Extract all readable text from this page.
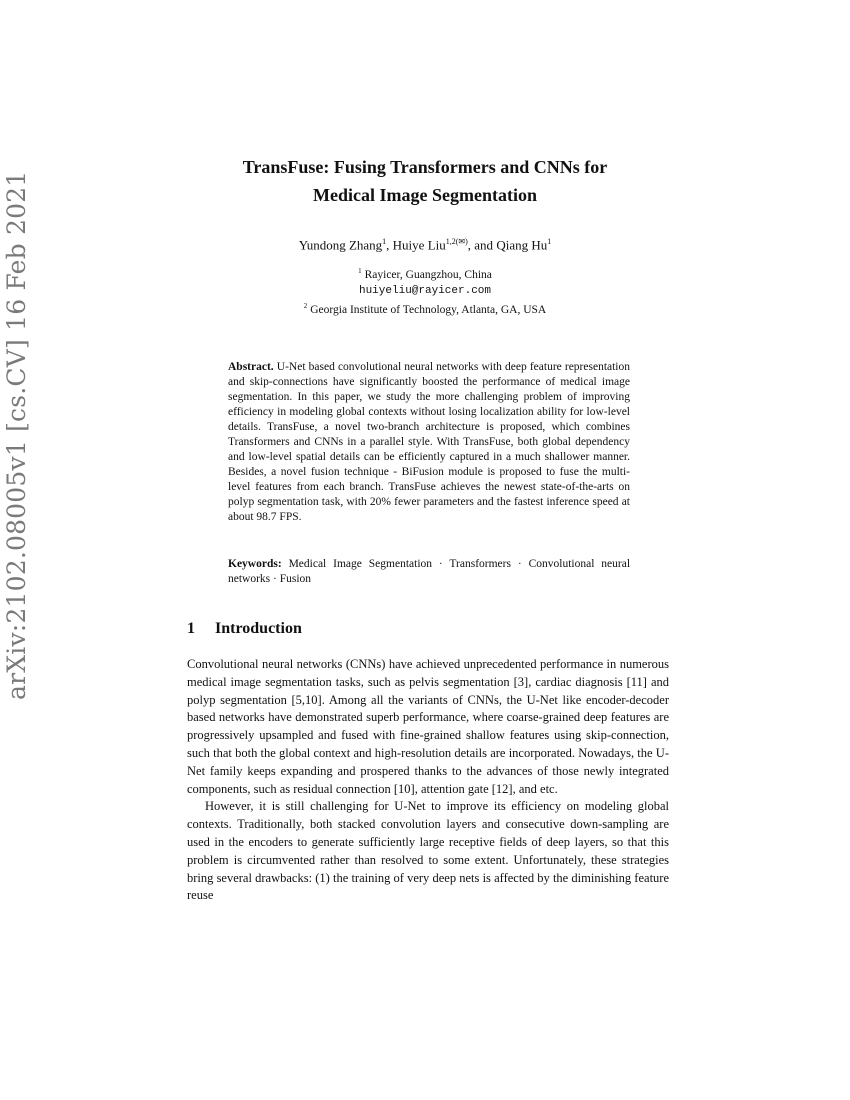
arXiv:2102.08005v1 [cs.CV] 16 Feb 2021
TransFuse: Fusing Transformers and CNNs for
Medical Image Segmentation
Yundong Zhang$^1$, Huiye Liu$^{1,2(✉)}$, and Qiang Hu$^1$
$^1$ Rayicer, Guangzhou, China
huiyeliu@rayicer.com
$^2$ Georgia Institute of Technology, Atlanta, GA, USA
Abstract. U-Net based convolutional neural networks with deep feature representation and skip-connections have significantly boosted the performance of medical image segmentation. In this paper, we study the more challenging problem of improving efficiency in modeling global contexts without losing localization ability for low-level details. TransFuse, a novel two-branch architecture is proposed, which combines Transformers and CNNs in a parallel style. With TransFuse, both global dependency and low-level spatial details can be efficiently captured in a much shallower manner. Besides, a novel fusion technique - BiFusion module is proposed to fuse the multi-level features from each branch. TransFuse achieves the newest state-of-the-arts on polyp segmentation task, with 20% fewer parameters and the fastest inference speed at about 98.7 FPS.
Keywords: Medical Image Segmentation · Transformers · Convolutional neural networks · Fusion
1 Introduction

Convolutional neural networks (CNNs) have achieved unprecedented performance in numerous medical image segmentation tasks, such as pelvis segmentation [3], cardiac diagnosis [11] and polyp segmentation [5,10]. Among all the variants of CNNs, the U-Net like encoder-decoder based networks have demonstrated superb performance, where coarse-grained deep features are progressively upsampled and fused with fine-grained shallow features using skip-connection, such that both the global context and high-resolution details are incorporated. Nowadays, the U-Net family keeps expanding and prospered thanks to the advances of those newly integrated components, such as residual connection [10], attention gate [12], and etc.

However, it is still challenging for U-Net to improve its efficiency on modeling global contexts. Traditionally, both stacked convolution layers and consecutive down-sampling are used in the encoders to generate sufficiently large receptive fields of deep layers, so that this problem is circumvented rather than resolved to some extent. Unfortunately, these strategies bring several drawbacks: (1) the training of very deep nets is affected by the diminishing feature reuse
